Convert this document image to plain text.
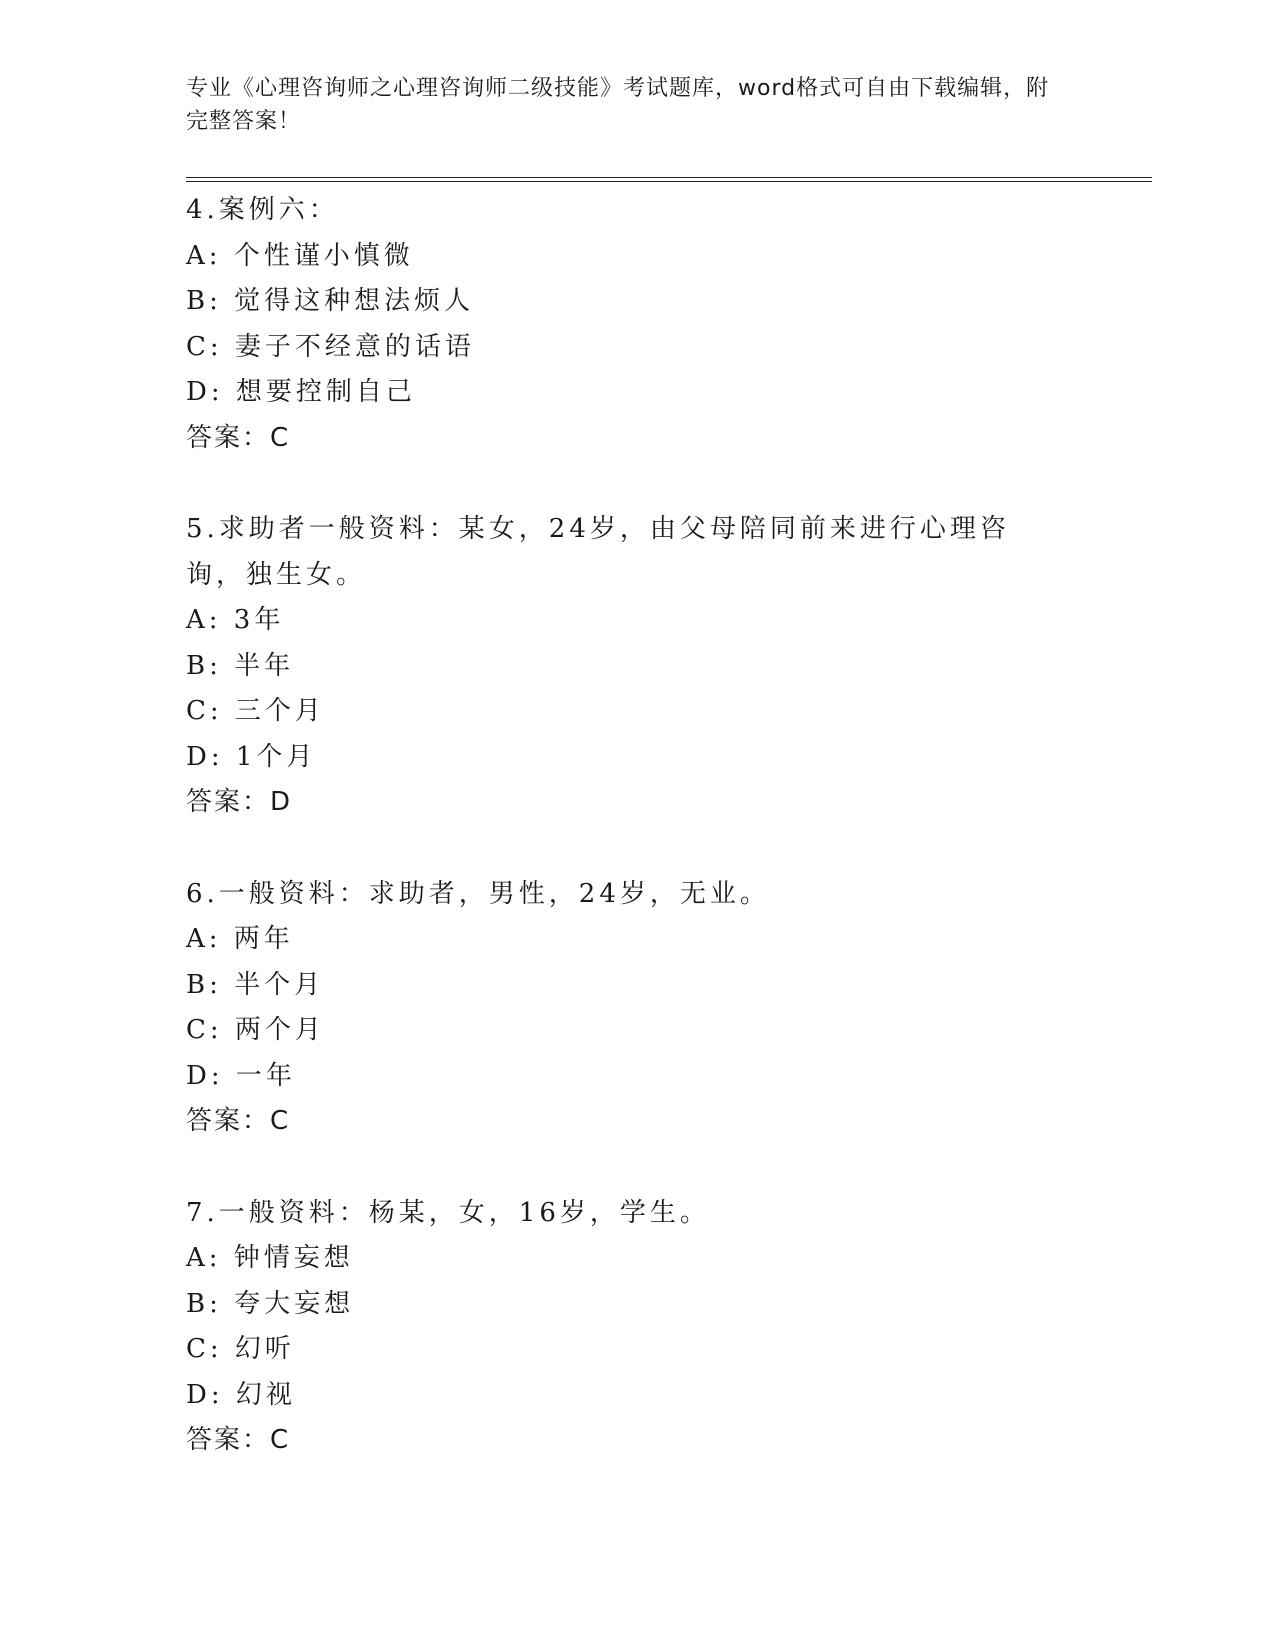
专业《心理咨询师之心理咨询师二级技能》考试题库，word格式可自由下载编辑，附完整答案！
4.案例六：
A: 个性谨小慎微
B: 觉得这种想法烦人
C: 妻子不经意的话语
D: 想要控制自己
答案：C
5.求助者一般资料：某女，24岁，由父母陪同前来进行心理咨询，独生女。
A: 3年
B: 半年
C: 三个月
D: 1个月
答案：D
6.一般资料：求助者，男性，24岁，无业。
A: 两年
B: 半个月
C: 两个月
D: 一年
答案：C
7.一般资料：杨某，女，16岁，学生。
A: 钟情妄想
B: 夸大妄想
C: 幻听
D: 幻视
答案：C
